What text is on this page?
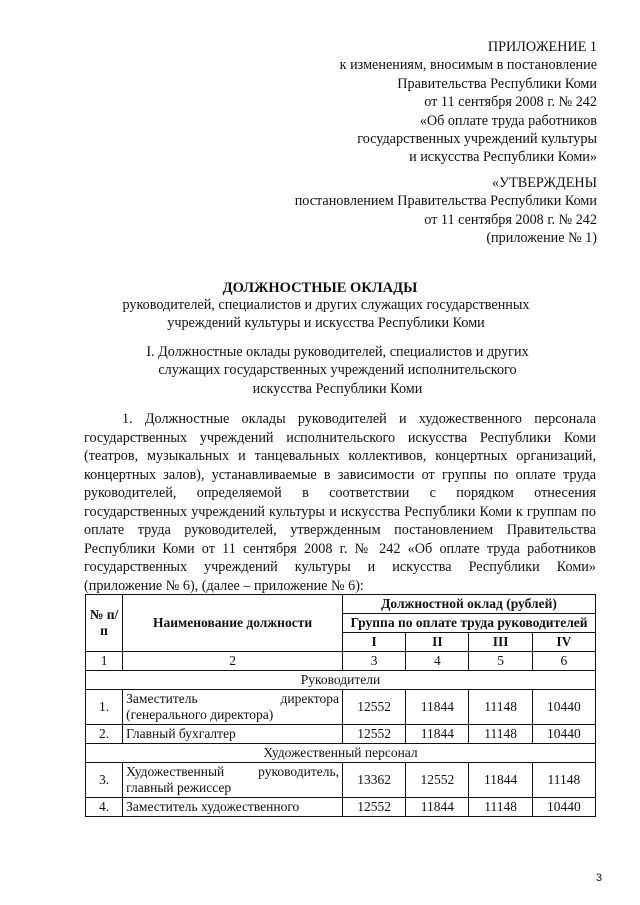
ПРИЛОЖЕНИЕ 1
к изменениям, вносимым в постановление
Правительства Республики Коми
от 11 сентября 2008 г. № 242
«Об оплате труда работников
государственных учреждений культуры
и искусства Республики Коми»
«УТВЕРЖДЕНЫ
постановлением Правительства Республики Коми
от 11 сентября 2008 г. № 242
(приложение № 1)
ДОЛЖНОСТНЫЕ ОКЛАДЫ
руководителей, специалистов и других служащих государственных учреждений культуры и искусства Республики Коми
I. Должностные оклады руководителей, специалистов и других служащих государственных учреждений исполнительского искусства Республики Коми
1. Должностные оклады руководителей и художественного персонала государственных учреждений исполнительского искусства Республики Коми (театров, музыкальных и танцевальных коллективов, концертных организаций, концертных залов), устанавливаемые в зависимости от группы по оплате труда руководителей, определяемой в соответствии с порядком отнесения государственных учреждений культуры и искусства Республики Коми к группам по оплате труда руководителей, утвержденным постановлением Правительства Республики Коми от 11 сентября 2008 г. № 242 «Об оплате труда работников государственных учреждений культуры и искусства Республики Коми» (приложение № 6), (далее – приложение № 6):
№ п/п	Наименование должности	Должностной оклад (рублей)			
		Группа по оплате труда руководителей			
		I	II	III	IV
1	2	3	4	5	6
Руководители					
1.	Заместитель директора (генерального директора)	12552	11844	11148	10440
2.	Главный бухгалтер	12552	11844	11148	10440
Художественный персонал					
3.	Художественный руководитель, главный режиссер	13362	12552	11844	11148
4.	Заместитель художественного	12552	11844	11148	10440
3
